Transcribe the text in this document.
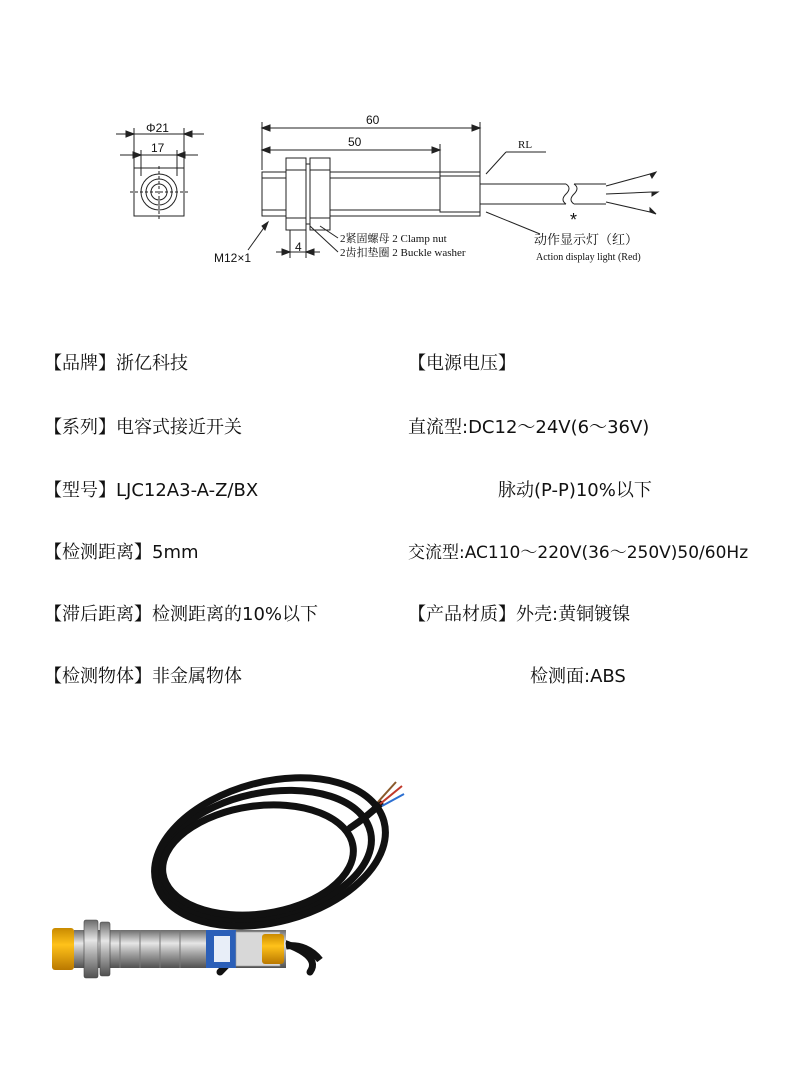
Φ21
17
60
50
4
M12×1
RL
2紧固螺母 2 Clamp nut
2齿扣垫圈 2 Buckle washer
*
动作显示灯（红）
Action display light (Red)
【品牌】浙亿科技
【系列】电容式接近开关
【型号】LJC12A3-A-Z/BX
【检测距离】5mm
【滞后距离】检测距离的10%以下
【检测物体】非金属物体
【电源电压】
直流型:DC12～24V(6～36V)
脉动(P-P)10%以下
交流型:AC110～220V(36～250V)50/60Hz
【产品材质】外壳:黄铜镀镍
检测面:ABS
